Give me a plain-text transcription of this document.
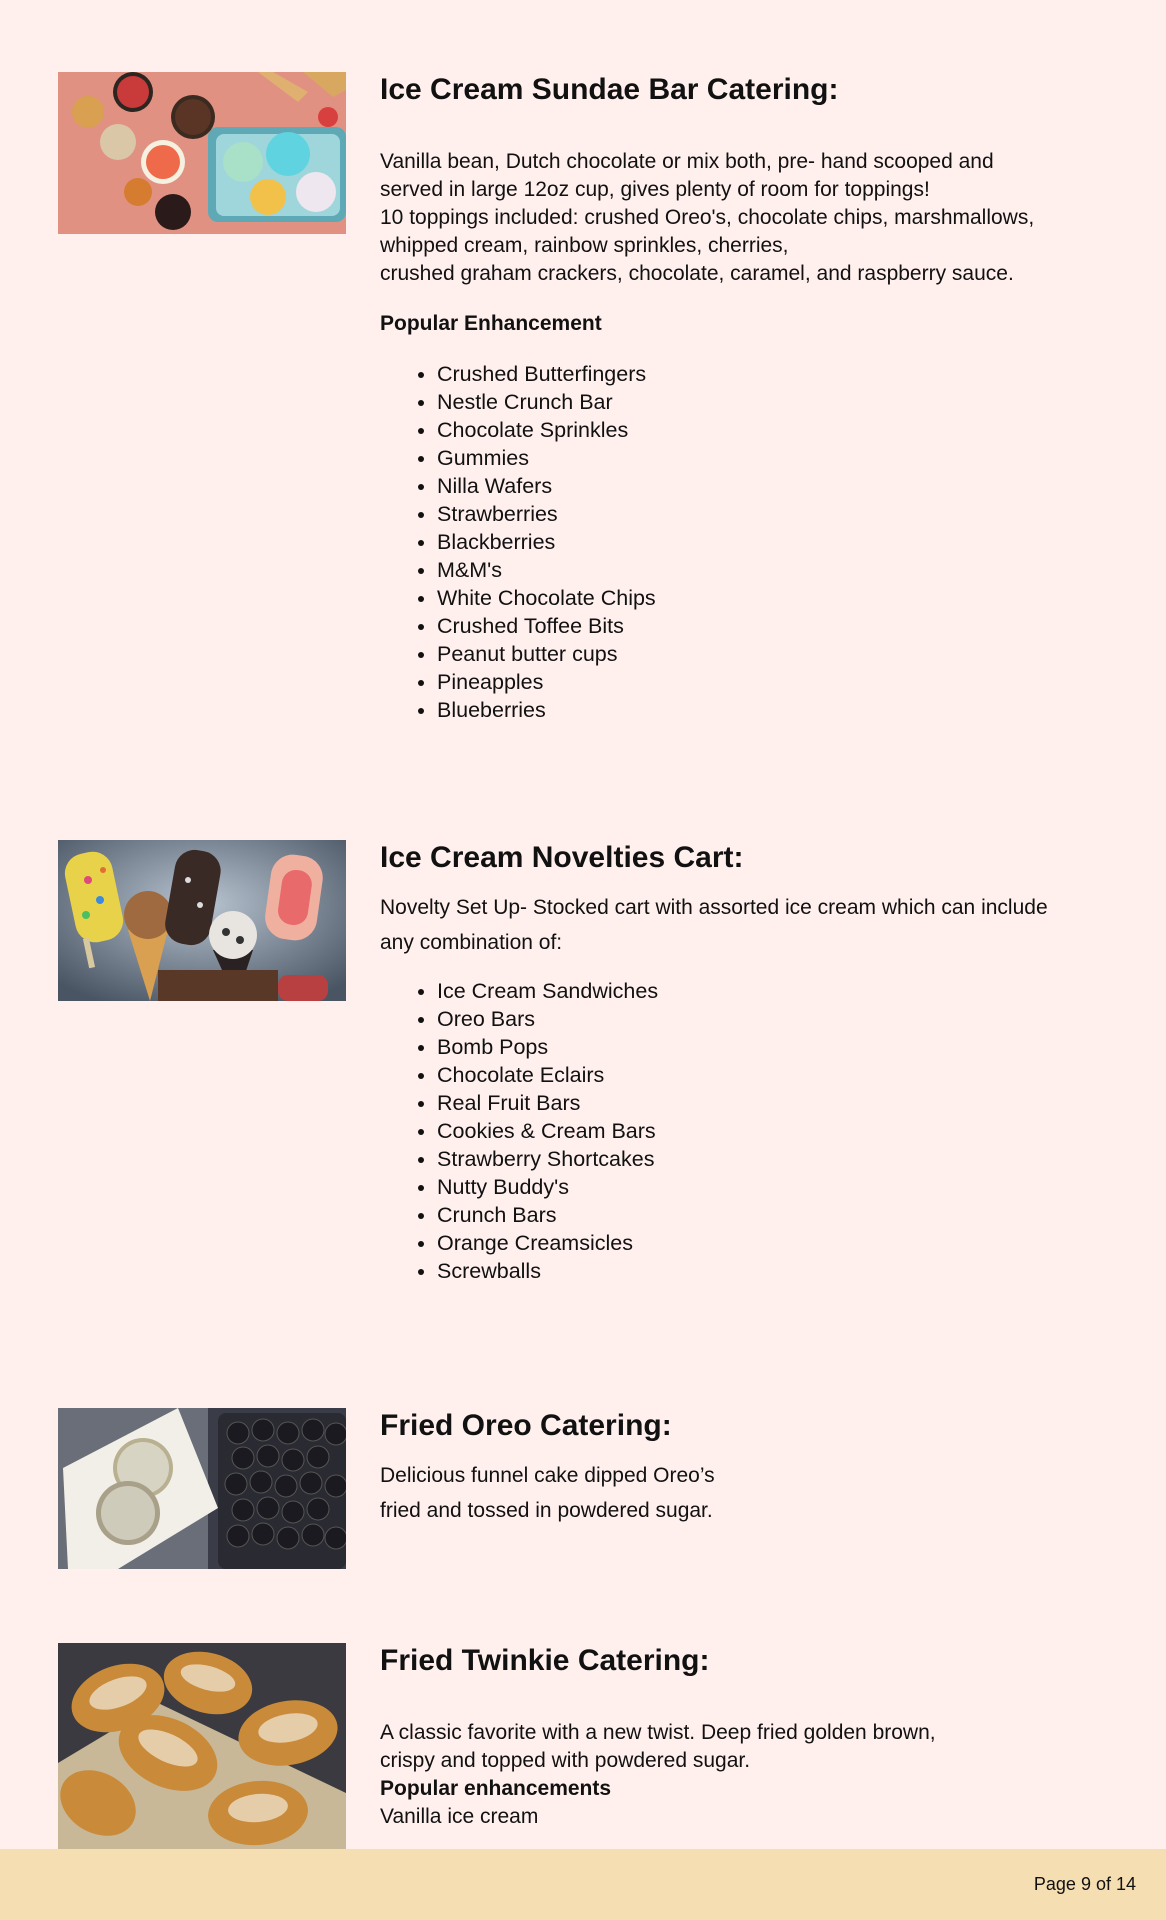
Ice Cream Sundae Bar Catering:

Vanilla bean, Dutch chocolate or mix both, pre- hand scooped and

served in large 12oz cup, gives plenty of room for toppings!

10 toppings included: crushed Oreo's, chocolate chips, marshmallows,

whipped cream, rainbow sprinkles, cherries,

crushed graham crackers, chocolate, caramel, and raspberry sauce.

Popular Enhancement

• Crushed Butterfingers
• Nestle Crunch Bar
• Chocolate Sprinkles
• Gummies
• Nilla Wafers
• Strawberries
• Blackberries
• M&M's
• White Chocolate Chips
• Crushed Toffee Bits
• Peanut butter cups
• Pineapples
• Blueberries
Ice Cream Novelties Cart:

Novelty Set Up- Stocked cart with assorted ice cream which can include

any combination of:

• Ice Cream Sandwiches
• Oreo Bars
• Bomb Pops
• Chocolate Eclairs
• Real Fruit Bars
• Cookies & Cream Bars
• Strawberry Shortcakes
• Nutty Buddy's
• Crunch Bars
• Orange Creamsicles
• Screwballs
Fried Oreo Catering:

Delicious funnel cake dipped Oreo’s

fried and tossed in powdered sugar.

Fried Twinkie Catering:

A classic favorite with a new twist. Deep fried golden brown,

crispy and topped with powdered sugar.

Popular enhancements

Vanilla ice cream

Page 9 of 14
